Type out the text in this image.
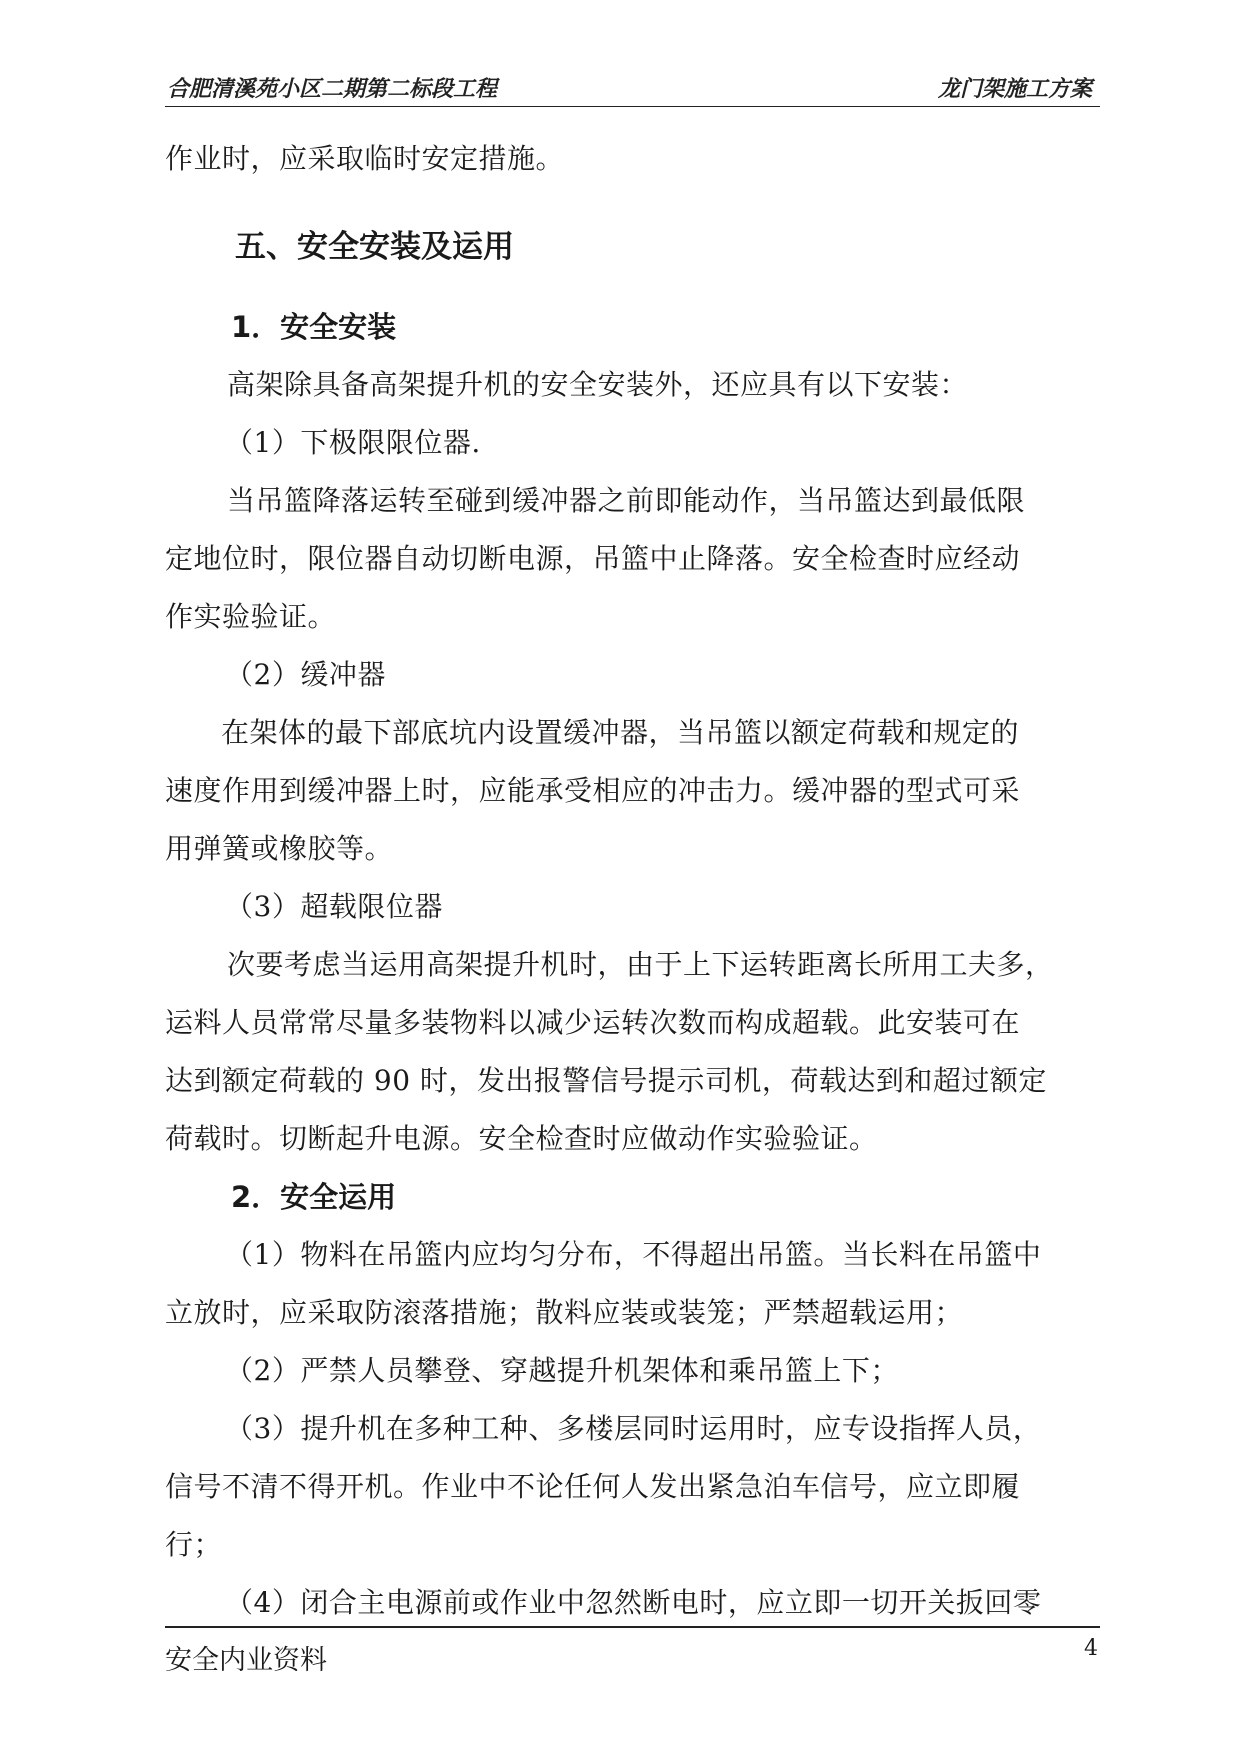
合肥清溪苑小区二期第二标段工程	龙门架施工方案
作业时，应采取临时安定措施。
五、安全安装及运用
1．安全安装
高架除具备高架提升机的安全安装外，还应具有以下安装：
（1）下极限限位器.
当吊篮降落运转至碰到缓冲器之前即能动作，当吊篮达到最低限
定地位时，限位器自动切断电源，吊篮中止降落。安全检查时应经动
作实验验证。
（2）缓冲器
在架体的最下部底坑内设置缓冲器，当吊篮以额定荷载和规定的
速度作用到缓冲器上时，应能承受相应的冲击力。缓冲器的型式可采
用弹簧或橡胶等。
（3）超载限位器
次要考虑当运用高架提升机时，由于上下运转距离长所用工夫多，
运料人员常常尽量多装物料以减少运转次数而构成超载。此安装可在
达到额定荷载的 90 时，发出报警信号提示司机，荷载达到和超过额定
荷载时。切断起升电源。安全检查时应做动作实验验证。
2．安全运用
（1）物料在吊篮内应均匀分布，不得超出吊篮。当长料在吊篮中
立放时，应采取防滚落措施；散料应装或装笼；严禁超载运用；
（2）严禁人员攀登、穿越提升机架体和乘吊篮上下；
（3）提升机在多种工种、多楼层同时运用时，应专设指挥人员，
信号不清不得开机。作业中不论任何人发出紧急泊车信号，应立即履
行；
（4）闭合主电源前或作业中忽然断电时，应立即一切开关扳回零
安全内业资料	4
